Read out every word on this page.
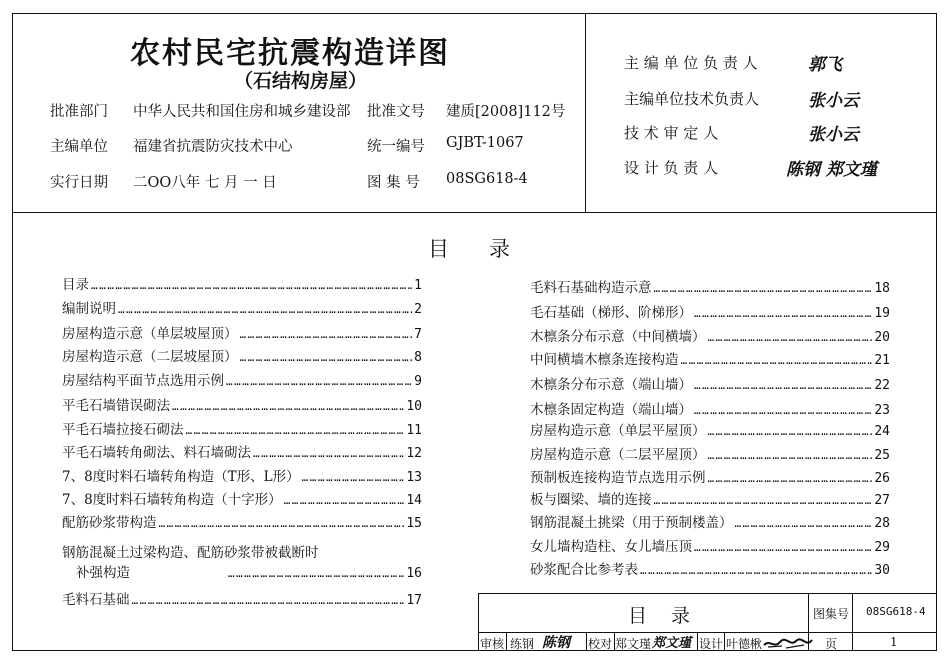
农村民宅抗震构造详图
（石结构房屋）
批准部门 中华人民共和国住房和城乡建设部 批准文号 建质[2008]112号
主编单位 福建省抗震防灾技术中心	统一编号 GJBT-1067
实行日期 二OO八年 七 月 一 日	图 集 号 08SG618-4
主 编 单 位 负 责 人	郭飞
主编单位技术负责人	张小云
技 术 审 定 人	张小云
设 计 负 责 人	陈钢 郑文瑾
目录
目录 ……………………………………………………………………………………………………………………………………………………………………………………………	1
编制说明 ……………………………………………………………………………………………………………………………………………………………………………………………	2
房屋构造示意（单层坡屋顶） ……………………………………………………………………………………………………………………………………………………………………………………………	7
房屋构造示意（二层坡屋顶） ……………………………………………………………………………………………………………………………………………………………………………………………	8
房屋结构平面节点选用示例 ……………………………………………………………………………………………………………………………………………………………………………………………	9
平毛石墙错误砌法 ……………………………………………………………………………………………………………………………………………………………………………………………	10
平毛石墙拉接石砌法 ……………………………………………………………………………………………………………………………………………………………………………………………	11
平毛石墙转角砌法、料石墙砌法 ……………………………………………………………………………………………………………………………………………………………………………………………	12
7、8度时料石墙转角构造（T形、L形） ……………………………………………………………………………………………………………………………………………………………………………………………	13
7、8度时料石墙转角构造（十字形） ……………………………………………………………………………………………………………………………………………………………………………………………	14
配筋砂浆带构造 ……………………………………………………………………………………………………………………………………………………………………………………………	15
钢筋混凝土过梁构造、配筋砂浆带被截断时
补强构造 ……………………………………………………………………………………………………………………………………………………………………………………………	16
毛料石基础 ……………………………………………………………………………………………………………………………………………………………………………………………	17
毛料石基础构造示意 ……………………………………………………………………………………………………………………………………………………………………………………………	18
毛石基础（梯形、阶梯形） ……………………………………………………………………………………………………………………………………………………………………………………………	19
木檩条分布示意（中间横墙） ……………………………………………………………………………………………………………………………………………………………………………………………	20
中间横墙木檩条连接构造 ……………………………………………………………………………………………………………………………………………………………………………………………	21
木檩条分布示意（端山墙） ……………………………………………………………………………………………………………………………………………………………………………………………	22
木檩条固定构造（端山墙） ……………………………………………………………………………………………………………………………………………………………………………………………	23
房屋构造示意（单层平屋顶） ……………………………………………………………………………………………………………………………………………………………………………………………	24
房屋构造示意（二层平屋顶） ……………………………………………………………………………………………………………………………………………………………………………………………	25
预制板连接构造节点选用示例 ……………………………………………………………………………………………………………………………………………………………………………………………	26
板与圈梁、墙的连接 ……………………………………………………………………………………………………………………………………………………………………………………………	27
钢筋混凝土挑梁（用于预制楼盖） ……………………………………………………………………………………………………………………………………………………………………………………………	28
女儿墙构造柱、女儿墙压顶 ……………………………………………………………………………………………………………………………………………………………………………………………	29
砂浆配合比参考表 ……………………………………………………………………………………………………………………………………………………………………………………………	30
目录	图集号 08SG618-4
审核 练钢 陈钢 校对 郑文瑾 郑文瑾 设计 叶德楸	页	1
